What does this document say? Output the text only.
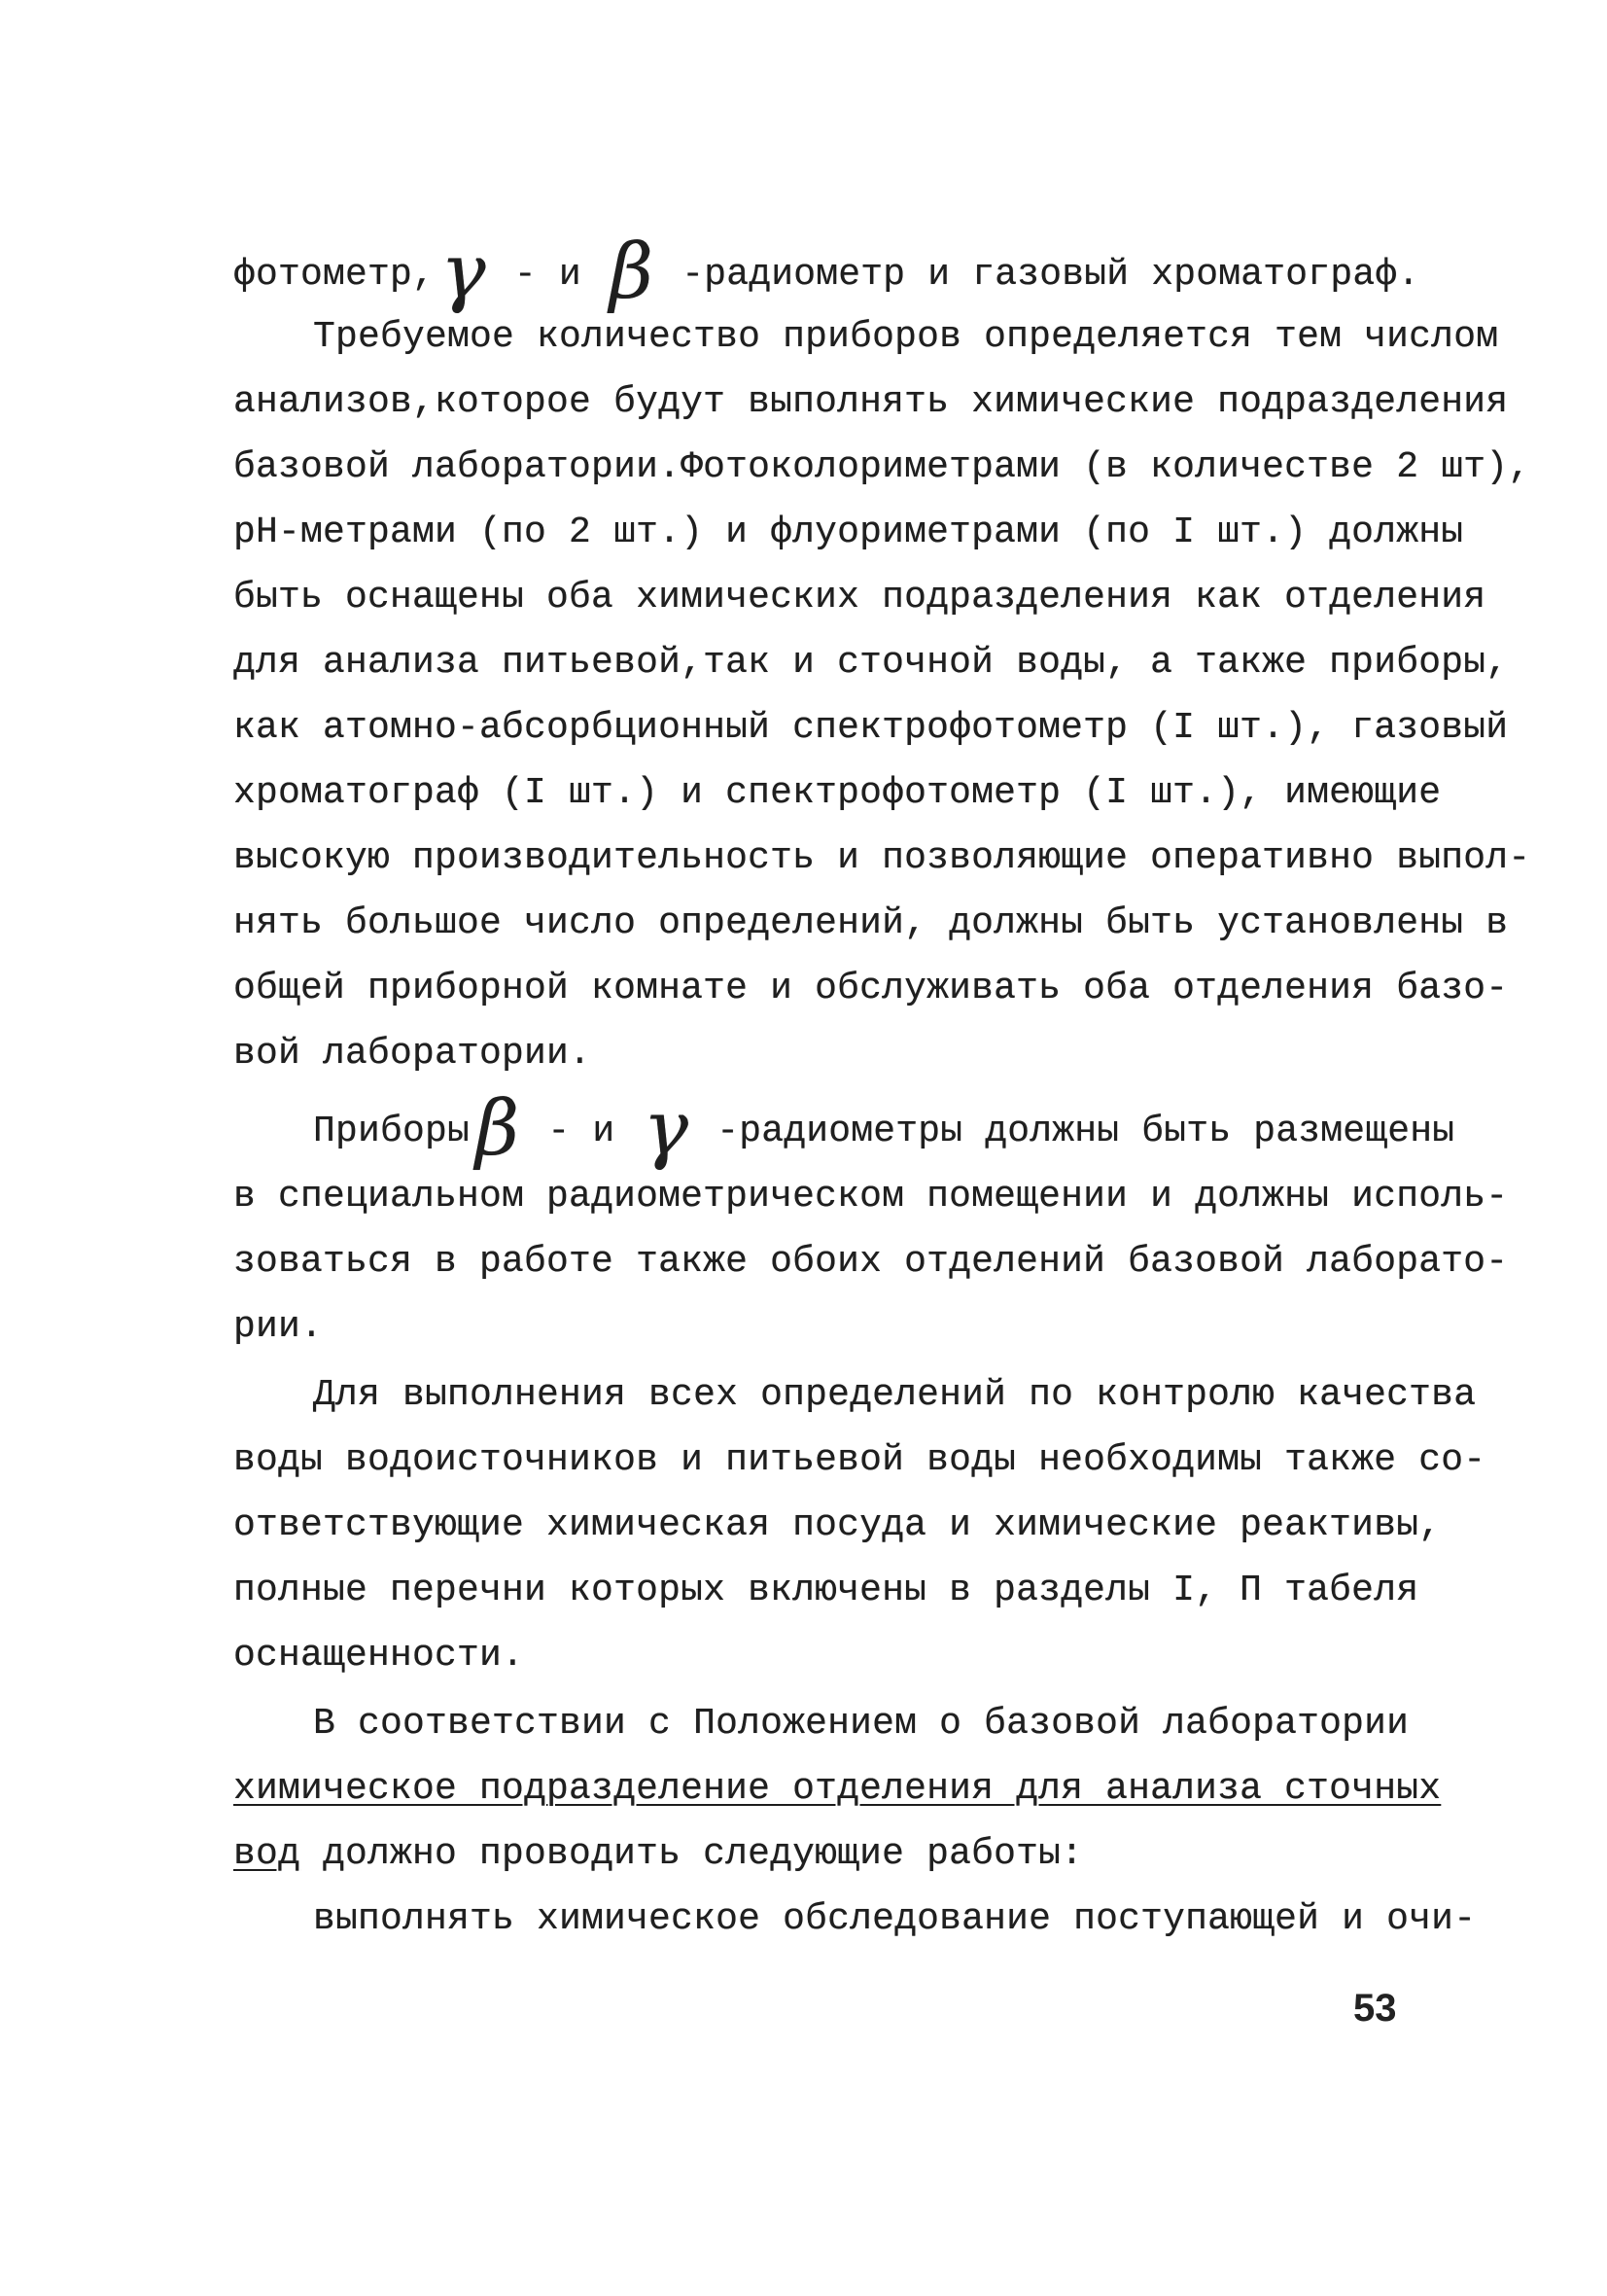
фотометр,γ - и β -радиометр и газовый хроматограф.
Требуемое количество приборов определяется тем числом
анализов,которое будут выполнять химические подразделения
базовой лаборатории.Фотоколориметрами (в количестве 2 шт),
pH-метрами (по 2 шт.) и флуориметрами (по I шт.) должны
быть оснащены оба химических подразделения как отделения
для анализа питьевой,так и сточной воды, а также приборы,
как атомно-абсорбционный спектрофотометр (I шт.), газовый
хроматограф (I шт.) и спектрофотометр (I шт.), имеющие
высокую производительность и позволяющие оперативно выпол-
нять большое число определений, должны быть установлены в
общей приборной комнате и обслуживать оба отделения базо-
вой лаборатории.
Приборыβ - и γ -радиометры должны быть размещены
в специальном радиометрическом помещении и должны исполь-
зоваться в работе также обоих отделений базовой лаборато-
рии.
Для выполнения всех определений по контролю качества
воды водоисточников и питьевой воды необходимы также со-
ответствующие химическая посуда и химические реактивы,
полные перечни которых включены в разделы I, П табеля
оснащенности.
В соответствии с Положением о базовой лаборатории
химическое подразделение отделения для анализа сточных
вод должно проводить следующие работы:
выполнять химическое обследование поступающей и очи-
53
